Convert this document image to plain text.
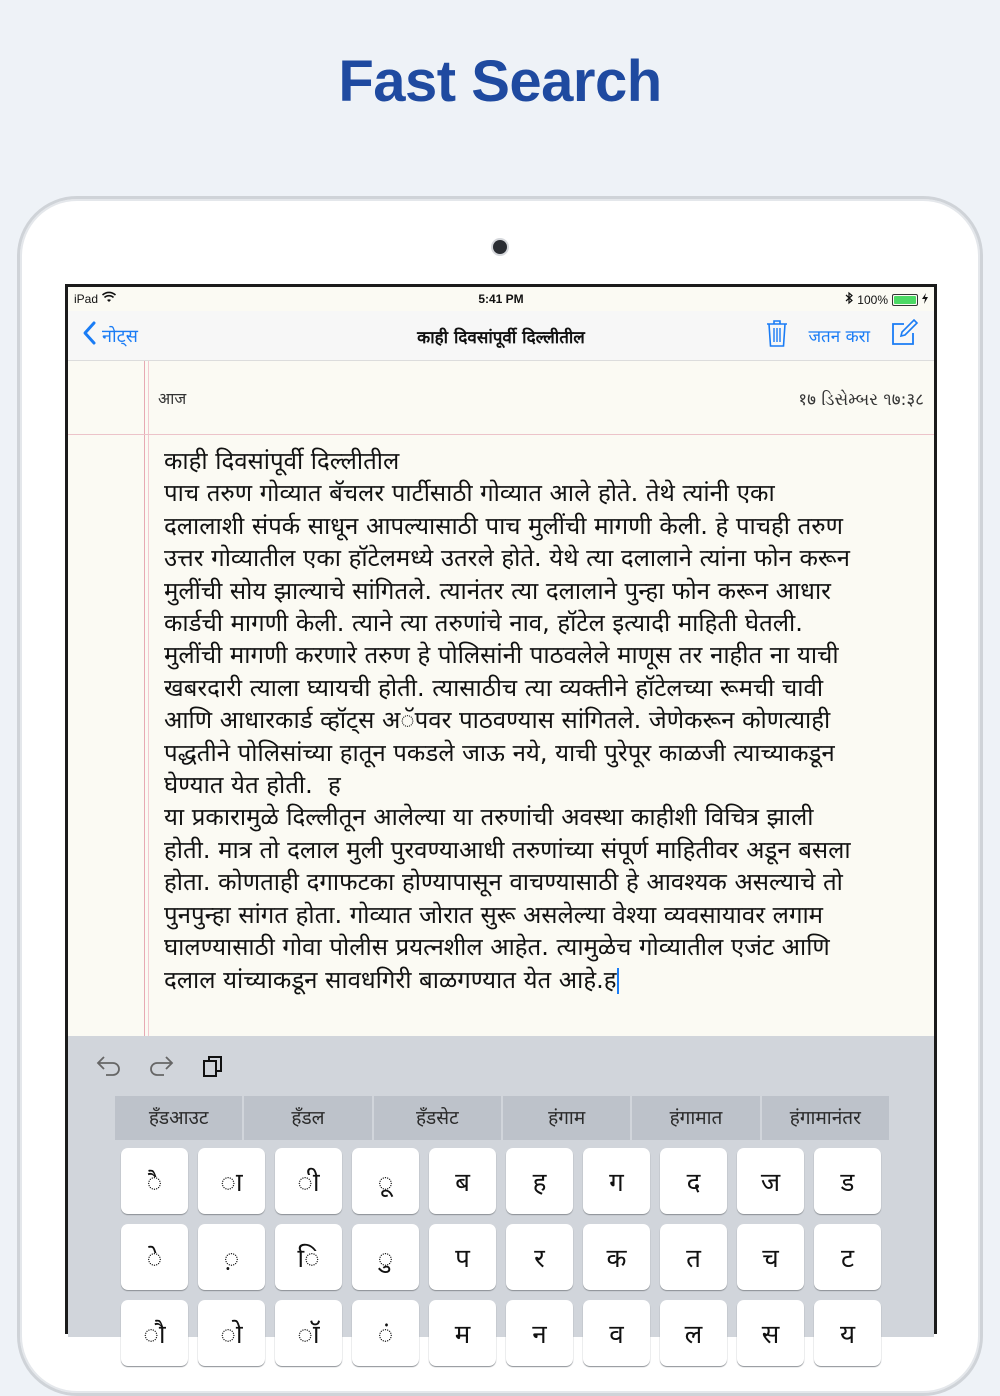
Fast Search
iPad	5:41 PM	100%
नोट्स	काही दिवसांपूर्वी दिल्लीतील	जतन करा
आज	१७ ડિસેમ્બર ૧७:३८

काही दिवसांपूर्वी दिल्लीतील

पाच तरुण गोव्यात बॅचलर पार्टीसाठी गोव्यात आले होते. तेथे त्यांनी एका

दलालाशी संपर्क साधून आपल्यासाठी पाच मुलींची मागणी केली. हे पाचही तरुण

उत्तर गोव्यातील एका हॉटेलमध्ये उतरले होते. येथे त्या दलालाने त्यांना फोन करून

मुलींची सोय झाल्याचे सांगितले. त्यानंतर त्या दलालाने पुन्हा फोन करून आधार

कार्डची मागणी केली. त्याने त्या तरुणांचे नाव, हॉटेल इत्यादी माहिती घेतली.

मुलींची मागणी करणारे तरुण हे पोलिसांनी पाठवलेले माणूस तर नाहीत ना याची

खबरदारी त्याला घ्यायची होती. त्यासाठीच त्या व्यक्तीने हॉटेलच्या रूमची चावी

आणि आधारकार्ड व्हॉट्स अॅपवर पाठवण्यास सांगितले. जेणेकरून कोणत्याही

पद्धतीने पोलिसांच्या हातून पकडले जाऊ नये, याची पुरेपूर काळजी त्याच्याकडून

घेण्यात येत होती.  ह

या प्रकारामुळे दिल्लीतून आलेल्या या तरुणांची अवस्था काहीशी विचित्र झाली

होती. मात्र तो दलाल मुली पुरवण्याआधी तरुणांच्या संपूर्ण माहितीवर अडून बसला

होता. कोणताही दगाफटका होण्यापासून वाचण्यासाठी हे आवश्यक असल्याचे तो

पुनपुन्हा सांगत होता. गोव्यात जोरात सुरू असलेल्या वेश्या व्यवसायावर लगाम

घालण्यासाठी गोवा पोलीस प्रयत्नशील आहेत. त्यामुळेच गोव्यातील एजंट आणि

दलाल यांच्याकडून सावधगिरी बाळगण्यात येत आहे.ह

हँडआउट	हँडल	हँडसेट	हंगाम	हंगामात	हंगामानंतर
ै	ा	ी	ू	ब	ह	ग	द	ज	ड
े	़	ि	ु	प	र	क	त	च	ट
ौ	ो	ॉ	ं	म	न	व	ल	स	य
